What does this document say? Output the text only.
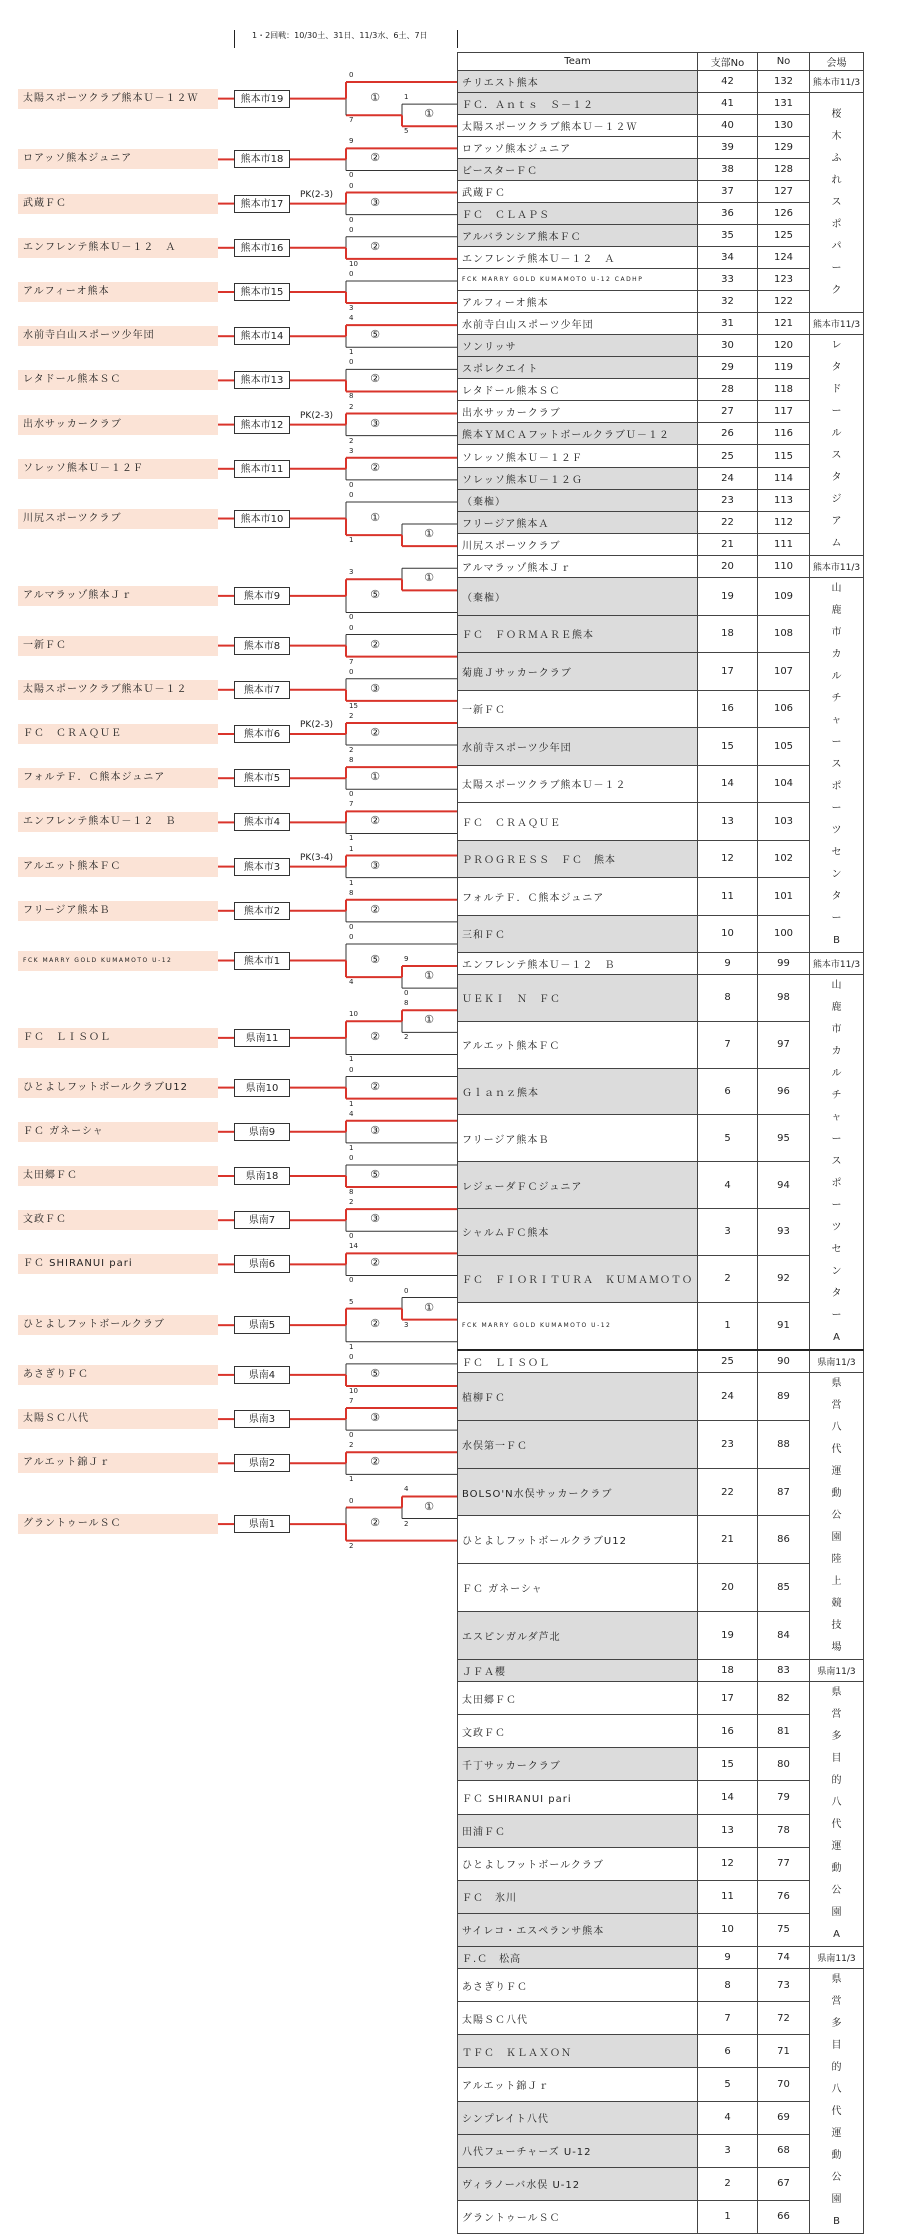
1・2回戦：10/30土、31日、11/3水、6土、7日
1
5
①
0
7
①
太陽スポーツクラブ熊本Ｕ－１２Ｗ	熊本市19
9
0
②
ロアッソ熊本ジュニア	熊本市18
0
0
③
武蔵ＦＣ	熊本市17
PK(2-3)
0
10
②
エンフレンテ熊本Ｕ－１２　Ａ	熊本市16
0
3
アルフィーオ熊本	熊本市15
4
1
⑤
水前寺白山スポーツ少年団	熊本市14
0
8
②
レタドール熊本ＳＣ	熊本市13
2
2
③
出水サッカークラブ	熊本市12
PK(2-3)
3
0
②
ソレッソ熊本Ｕ－１２Ｆ	熊本市11
①
0
1
①
川尻スポーツクラブ	熊本市10
①
3
0
⑤
アルマラッゾ熊本Ｊｒ	熊本市9
0
7
②
一新ＦＣ	熊本市8
0
15
③
太陽スポーツクラブ熊本Ｕ－１２	熊本市7
2
2
②
ＦＣ　ＣＲＡＱＵＥ	熊本市6
PK(2-3)
8
0
①
フォルテＦ．Ｃ熊本ジュニア	熊本市5
7
1
②
エンフレンテ熊本Ｕ－１２　Ｂ	熊本市4
1
1
③
アルエット熊本ＦＣ	熊本市3
PK(3-4)
8
0
②
フリージア熊本Ｂ	熊本市2
9
0
①
0
4
⑤
FCK MARRY GOLD KUMAMOTO U-12	熊本市1
8
2
①
10
1
②
ＦＣ　ＬＩＳＯＬ	県南11
0
1
②
ひとよしフットボールクラブU12	県南10
4
1
③
ＦＣ ガネーシャ	県南9
0
8
⑤
太田郷ＦＣ	県南18
2
0
③
文政ＦＣ	県南7
14
0
②
ＦＣ SHIRANUI pari	県南6
0
3
①
5
1
②
ひとよしフットボールクラブ	県南5
0
10
⑤
あさぎりＦＣ	県南4
7
0
③
太陽ＳＣ八代	県南3
2
1
②
アルエット錦Ｊｒ	県南2
4
2
①
0
2
②
グラントゥールＳＣ	県南1
Team	支部No	No	会場
チリエスト熊本	42	132	熊本市11/3
ＦＣ．Ａｎｔｓ　Ｓ－１２	41	131	桜木ふれスポパーク
太陽スポーツクラブ熊本Ｕ－１２Ｗ	40	130	
ロアッソ熊本ジュニア	39	129	
ビースターＦＣ	38	128	
武蔵ＦＣ	37	127	
ＦＣ　ＣＬＡＰＳ	36	126	
アルバランシア熊本ＦＣ	35	125	
エンフレンテ熊本Ｕ－１２　Ａ	34	124	
FCK MARRY GOLD KUMAMOTO U-12 CADHP	33	123	
アルフィーオ熊本	32	122	
水前寺白山スポーツ少年団	31	121	熊本市11/3
ソンリッサ	30	120	レタドールスタジアム
スポレクエイト	29	119	
レタドール熊本ＳＣ	28	118	
出水サッカークラブ	27	117	
熊本ＹＭＣＡフットボールクラブＵ－１２	26	116	
ソレッソ熊本Ｕ－１２Ｆ	25	115	
ソレッソ熊本Ｕ－１２Ｇ	24	114	
（棄権）	23	113	
フリージア熊本Ａ	22	112	
川尻スポーツクラブ	21	111	
アルマラッゾ熊本Ｊｒ	20	110	熊本市11/3
（棄権）	19	109	山鹿市カルチャースポーツセンターB
ＦＣ　ＦＯＲＭＡＲＥ熊本	18	108	
菊鹿Ｊサッカークラブ	17	107	
一新ＦＣ	16	106	
水前寺スポーツ少年団	15	105	
太陽スポーツクラブ熊本Ｕ－１２	14	104	
ＦＣ　ＣＲＡＱＵＥ	13	103	
ＰＲＯＧＲＥＳＳ　ＦＣ　熊本	12	102	
フォルテＦ．Ｃ熊本ジュニア	11	101	
三和ＦＣ	10	100	
エンフレンテ熊本Ｕ－１２　Ｂ	9	99	熊本市11/3
ＵＥＫＩ　Ｎ　ＦＣ	8	98	山鹿市カルチャースポーツセンターA
アルエット熊本ＦＣ	7	97	
Ｇｌａｎｚ熊本	6	96	
フリージア熊本Ｂ	5	95	
レジェーダＦＣジュニア	4	94	
シャルムＦＣ熊本	3	93	
ＦＣ　ＦＩＯＲＩＴＵＲＡ　ＫＵＭＡＭＯＴＯ	2	92	
FCK MARRY GOLD KUMAMOTO U-12	1	91	
ＦＣ　ＬＩＳＯＬ	25	90	県南11/3
植柳ＦＣ	24	89	県営八代運動公園陸上競技場
水俣第一ＦＣ	23	88	
BOLSO'N水俣サッカークラブ	22	87	
ひとよしフットボールクラブU12	21	86	
ＦＣ ガネーシャ	20	85	
エスピンガルダ芦北	19	84	
ＪＦＡ櫻	18	83	県南11/3
太田郷ＦＣ	17	82	県営多目的八代運動公園A
文政ＦＣ	16	81	
千丁サッカークラブ	15	80	
ＦＣ SHIRANUI pari	14	79	
田浦ＦＣ	13	78	
ひとよしフットボールクラブ	12	77	
ＦＣ　氷川	11	76	
サイレコ・エスペランサ熊本	10	75	
Ｆ.Ｃ　松高	9	74	県南11/3
あさぎりＦＣ	8	73	県営多目的八代運動公園B
太陽ＳＣ八代	7	72	
ＴＦＣ　ＫＬＡＸＯＮ	6	71	
アルエット錦Ｊｒ	5	70	
シンプレイト八代	4	69	
八代フューチャーズ U-12	3	68	
ヴィラノーバ水俣 U-12	2	67	
グラントゥールＳＣ	1	66	
